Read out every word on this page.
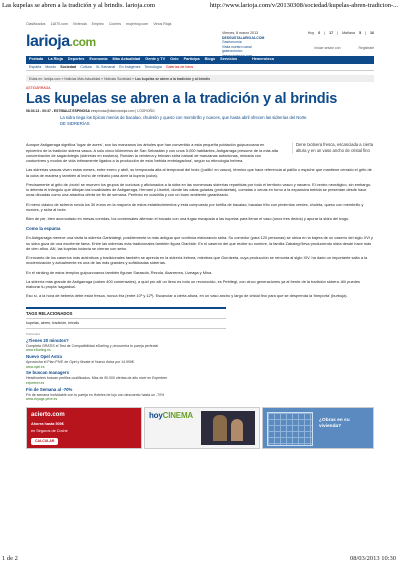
Las kupelas se abren a la tradición y al brindis. larioja.com	http://www.larioja.com/v/20130308/sociedad/kupelas-abren-tradicion-...
Clasificados 11870.com Vivienda Empleo Coches mujerhoy.com Vinos Rioja
larioja.com
Viernes, 8 marzo 2013
DESGUSTALARIOJA.COM
Gastronomía
Visita nuestro canal
gastronómico
desgustalarioja.com
Hoy 6 | 17 | Mañana 5 | 16
Iniciar sesión con	Registrate
Portada La Rioja Deportes Economía Más Actualidad Gente y TV Ocio Participa Blogs Servicios	Hemeroteca
España Mundo Sociedad Cultura XL Semanal En Imágenes Tecnología Galerías de fotos
Estás en: larioja.com » Noticias Más Actualidad » Noticias Sociedad » Las kupelas se abren a la tradición y al brindis
ASTIGARRAGA
Las kupelas se abren a la tradición y al brindis
08.03.13 - 00:37 - ESTIBALIZ ESPINOSA eespinosa@diariolarioja.com | LOGROÑO.
La sidra riega los típicos menús de bacalao, chuletón y queso con membrillo y nueces, que hasta abril ofrecen las sidrerías del Norte DE SIDRERÍAS

Aunque Astigarraga significa 'lugar de acres', son los manzanos los árboles que han convertido a esta pequeña población guipuzcoana en epicentro de la tradición sidrera vasca. A sólo cinco kilómetros de San Sebastián y con unos 5.000 habitantes, Astigarraga presume de la más alta concentración de sagardotegis (sidrerías en euskera). Rondan la veintena y brindan sidra natural de manzanas autóctonas, mimada con costumbres y modos de vida íntimamente ligados a la producción de esta 'bebida embriagadora', según su etimología hebrea.

Dene txotxera fresca, escanciada a cierta altura y en un vaso ancho de cristal fino

Las sidrerías vascas viven estos meses, entre enero y abril, su temporada alta al tempranal del txotx ('palillo' en vasco), término que hace referencia al palillo o espiche que mantiene cerrado el grifo de la cuba de madera y también al lecho de retirarlo para abrir la kupela (cuba).

Precisamente al grito de ¡txotx! se mueven los grupos de curiosos y aficionados a la sidra en las numerosas sidrerías repartidas por todo el territorio vasco y navarro. El centro neurálgico, sin embargo, lo detenta el triángulo que dibujan las localidades de Astigarraga, Hernani y Usúrbil, donde las catas guiadas (probaketak), comidas o cenas en torno a la expansiva bebida se presentan desde hace unas décadas como una atractiva oferta de fin de semana. Perfecto en cuadrilla y con un buen ambiente garantizado.

El menú clásico de sidrería ronda los 30 euros en la mayoría de estos establecimientos y está compuesto por tortilla de bacalao, bacalao frito con pimientos verdes, chuleta, queso con membrillo y nueces, y sidra al txotx.

Bien de pie, bien acomodado en mesas corridas, los comensales alternan el bocado con una fugaz escapada a las kupelas para llenar el vaso (unos tres dedos) y apurar la sidra del trago.

Como la espuma

En Astigarraga merece una visita la sidrería Gartziategi, posiblemente la más antigua que continúa elaborando sidra. Su comedor (para 120 personas) se ubica en la bajera de un caserío del siglo XVI y su sidra goza de una excelente fama. Entre las sidrerías más tradicionales también figura Oiarbide. En el caserón del que recibe su nombre, la familia Zabalegi lleva produciendo sidra desde hace más de cien años. Allí, las kupelas todavía se cierran con sebo.

El encanto de los caseríos más auténticos y tradicionales también se aprecia en la sidrería Iretxea, mientras que Gurutzeta, cuya producción se remonta al siglo XIV, ha dado un importante salto a la modernización y actualmente es una de las más grandes y sofisticadas sidrerías.

En el ránking de estos templos guipuzcoanos también figuran Sarasola, Rezola, Akarrenea, Lizeaga y Mina.

La sidrería más grande de Astigarraga (caben 400 comensales), a quid pro allí un lleno es todo un reconocido, es Petritegi, con cinco generaciones ya al frente de la tradición sidrera. Allí puedes elaborar tu propia 'sagardoa'.

Eso sí, a la hora de beberla debe estar fresca, nunca fría (entre 10º y 12º). Escanciar a cierta altura, en un vaso ancho y largo de cristal fino para que se desprenda la 'bimporta' (burbuja).

TAGS RELACIONADOS
kupelas, abren, tradición, brindis
Publicidad
¿Tienes 20 minutos?
Completa GRATIS el Test de Compatibilidad eDarling y ¡encuentra tu pareja perfecta!
www.eDarling.es
Nuevo Opel Astra
Aprovecha el Plan PIVE de Opel y llévate el Nuevo Astra por 14.990€.
www.opel.es
Se buscan managers
Headhunters buscan perfiles cualificados. Más de 90.000 ofertas de alto nivel en Experteer
experteer.es
Fin de Semana al -70%
Fin de semana inolvidable con tu pareja en Hoteles de lujo con descuento hasta un -70%
www.voyage-prive.es
acierto.com
Ahorra hasta 500€
en Seguros de Coche
CALCULAR
hoyCINEMA
¿Obras en su vivienda?
1 de 2	08/03/2013 10:30
